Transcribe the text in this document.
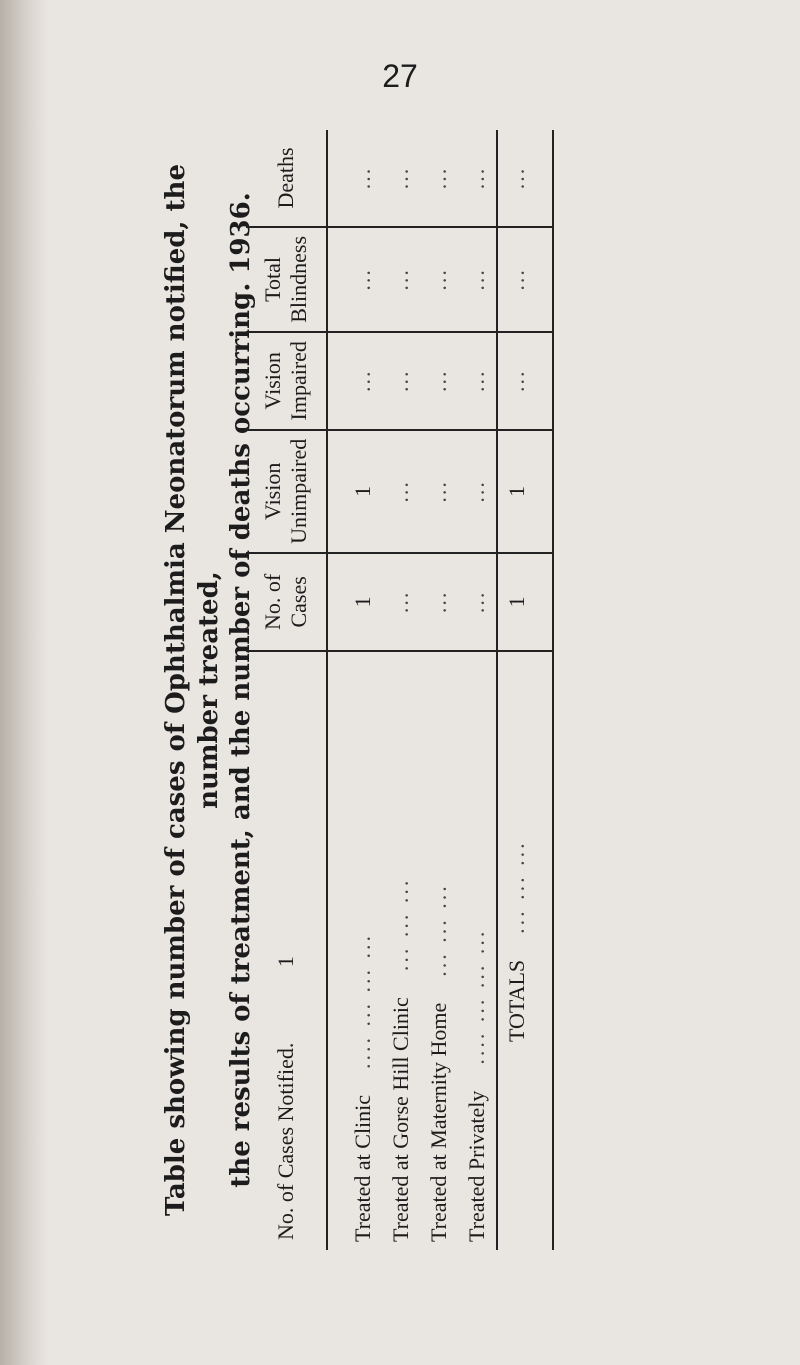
27
Table showing number of cases of Ophthalmia Neonatorum notified, the number treated, the results of treatment, and the number of deaths occurring. 1936. No. of Cases Notified. 1	No. of Cases	Vision Unimpaired	Vision Impaired	Total Blindness	Deaths

Treated at Clinic.... ... ... ...	1	1	...	...	...
Treated at Gorse Hill Clinic... ... ...	...	...	...	...	...
Treated at Maternity Home... ... ...	...	...	...	...	...
Treated Privately.... ... ... ...	...	...	...	...	...
TOTALS... ... ...	1	1	...	...	...
